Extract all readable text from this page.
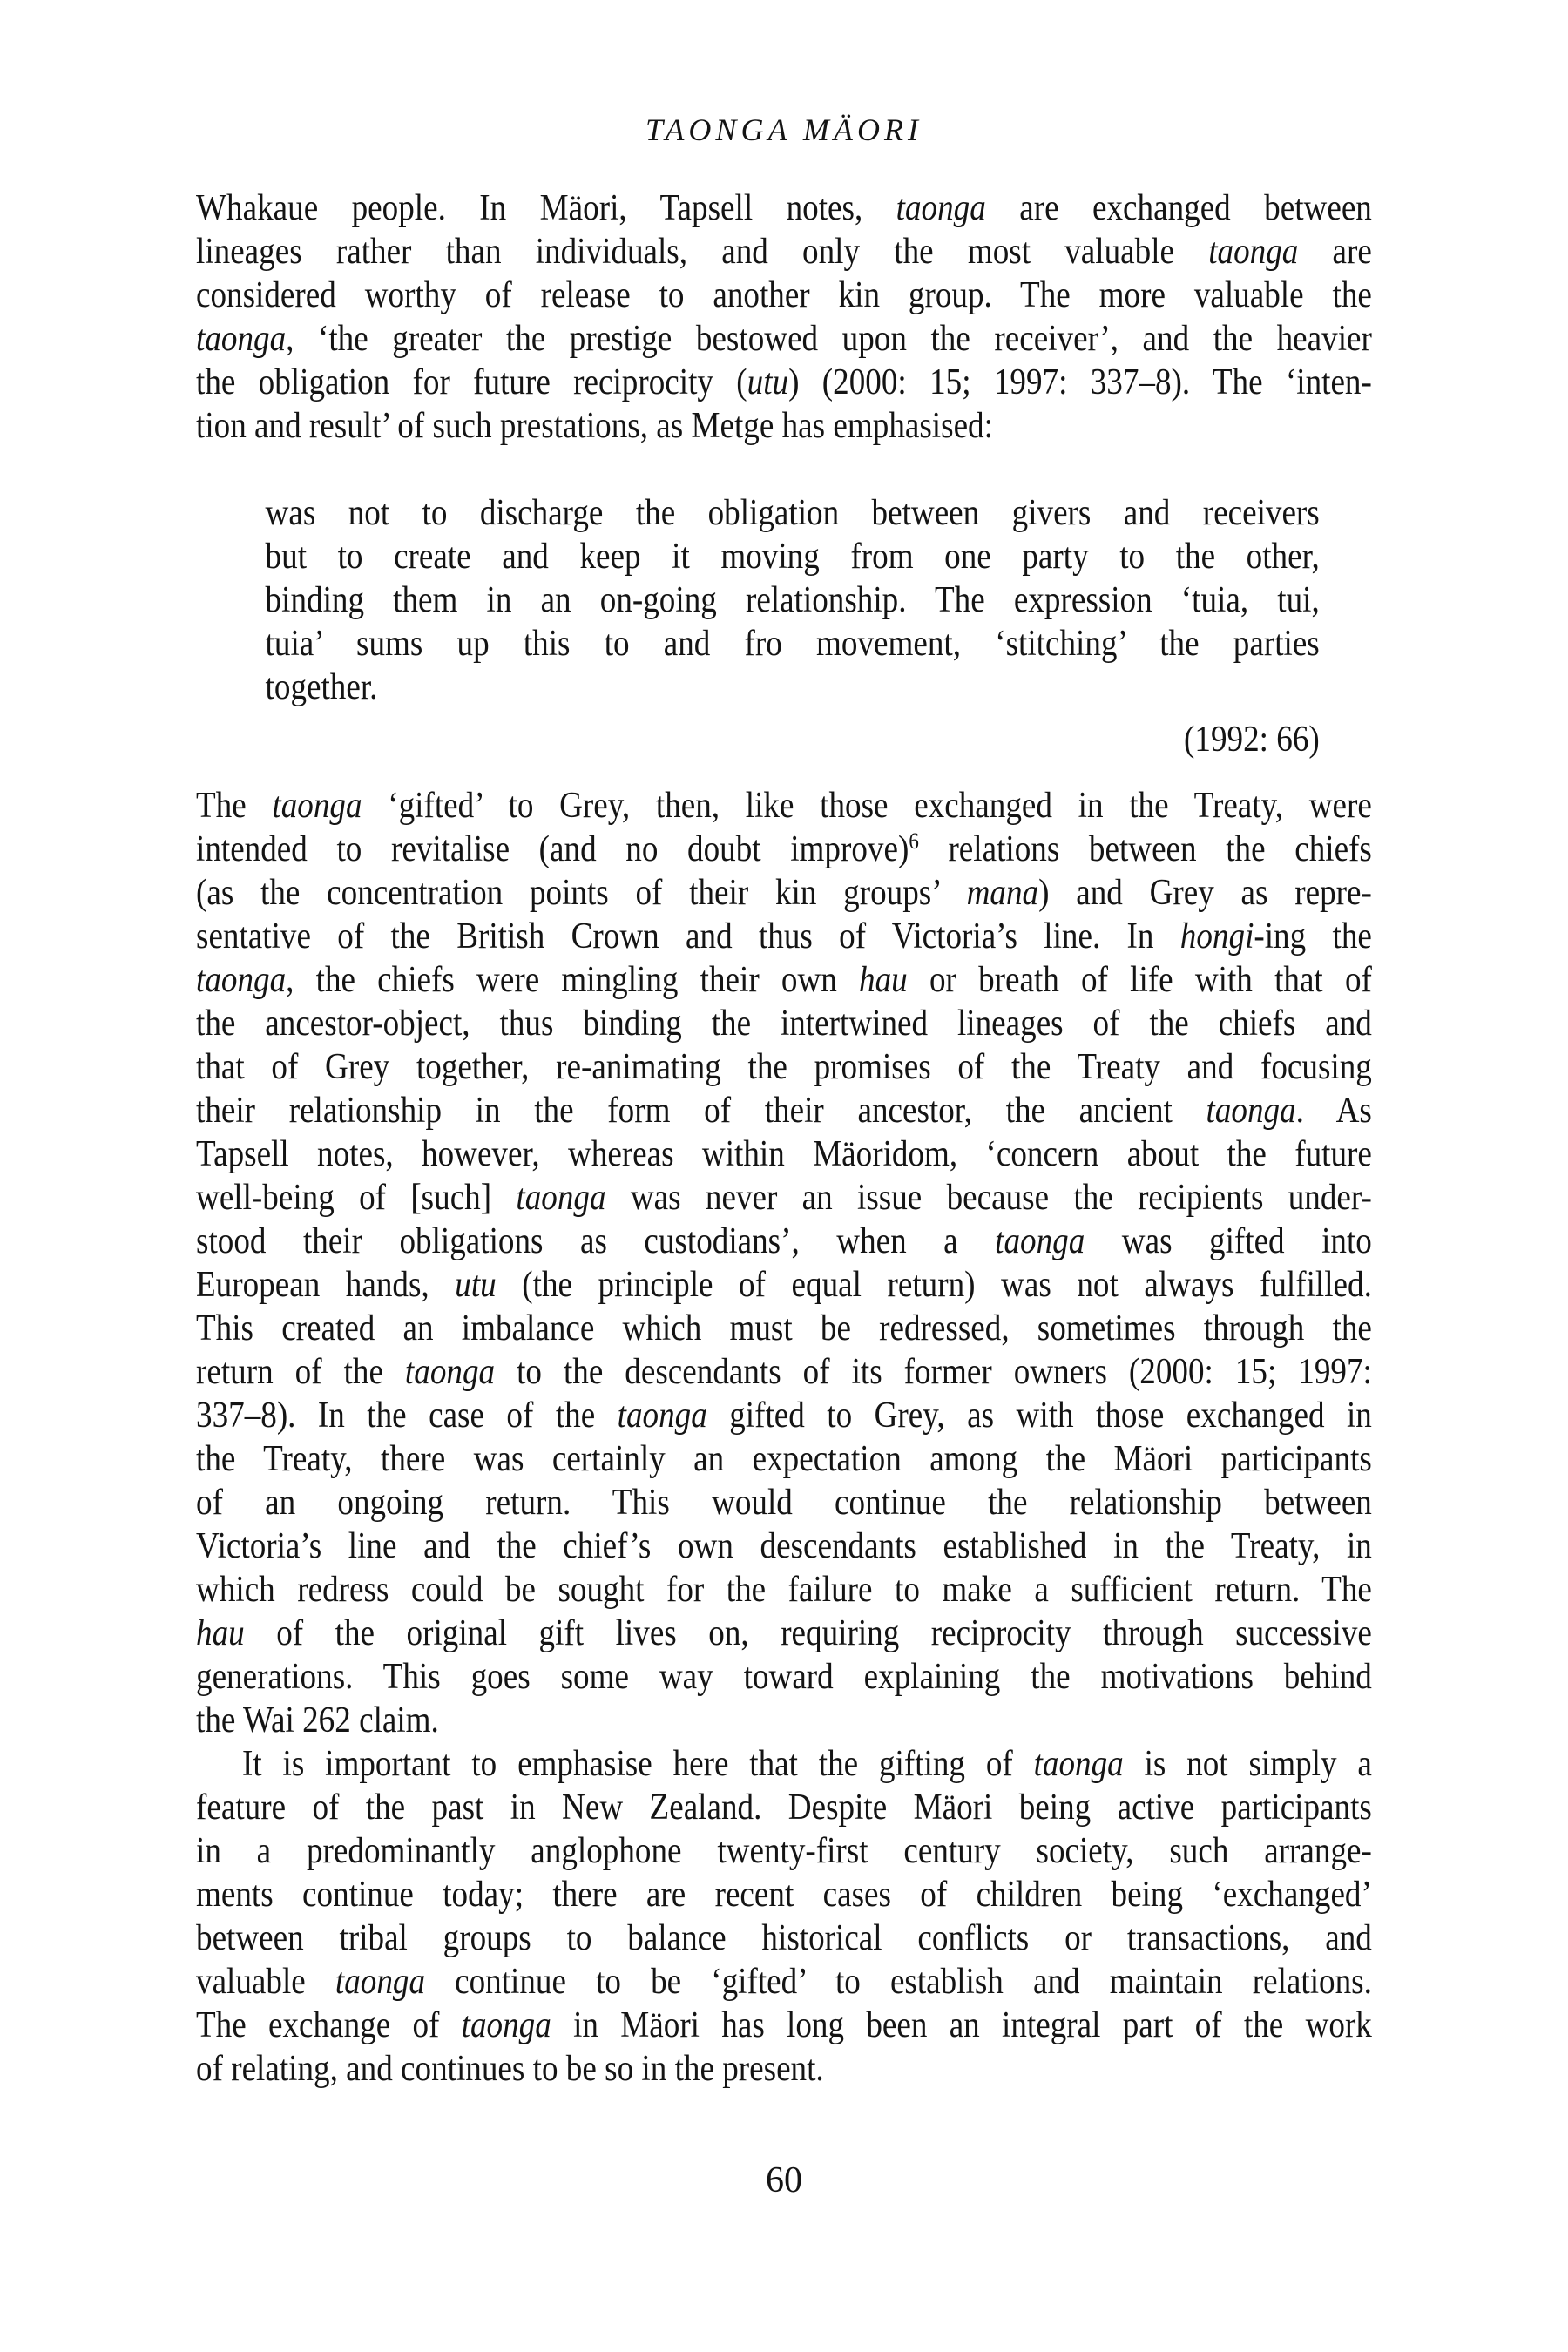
TAONGA MÄORI
Whakaue people. In Mäori, Tapsell notes, taonga are exchanged between
lineages rather than individuals, and only the most valuable taonga are
considered worthy of release to another kin group. The more valuable the
taonga, ‘the greater the prestige bestowed upon the receiver’, and the heavier
the obligation for future reciprocity (utu) (2000: 15; 1997: 337–8). The ‘inten-
tion and result’ of such prestations, as Metge has emphasised:
was not to discharge the obligation between givers and receivers
but to create and keep it moving from one party to the other,
binding them in an on-going relationship. The expression ‘tuia, tui,
tuia’ sums up this to and fro movement, ‘stitching’ the parties
together.
(1992: 66)
The taonga ‘gifted’ to Grey, then, like those exchanged in the Treaty, were
intended to revitalise (and no doubt improve)$^6$ relations between the chiefs
(as the concentration points of their kin groups’ mana) and Grey as repre-
sentative of the British Crown and thus of Victoria’s line. In hongi-ing the
taonga, the chiefs were mingling their own hau or breath of life with that of
the ancestor-object, thus binding the intertwined lineages of the chiefs and
that of Grey together, re-animating the promises of the Treaty and focusing
their relationship in the form of their ancestor, the ancient taonga. As
Tapsell notes, however, whereas within Mäoridom, ‘concern about the future
well-being of [such] taonga was never an issue because the recipients under-
stood their obligations as custodians’, when a taonga was gifted into
European hands, utu (the principle of equal return) was not always fulfilled.
This created an imbalance which must be redressed, sometimes through the
return of the taonga to the descendants of its former owners (2000: 15; 1997:
337–8). In the case of the taonga gifted to Grey, as with those exchanged in
the Treaty, there was certainly an expectation among the Mäori participants
of an ongoing return. This would continue the relationship between
Victoria’s line and the chief’s own descendants established in the Treaty, in
which redress could be sought for the failure to make a sufficient return. The
hau of the original gift lives on, requiring reciprocity through successive
generations. This goes some way toward explaining the motivations behind
the Wai 262 claim.
It is important to emphasise here that the gifting of taonga is not simply a
feature of the past in New Zealand. Despite Mäori being active participants
in a predominantly anglophone twenty-first century society, such arrange-
ments continue today; there are recent cases of children being ‘exchanged’
between tribal groups to balance historical conflicts or transactions, and
valuable taonga continue to be ‘gifted’ to establish and maintain relations.
The exchange of taonga in Mäori has long been an integral part of the work
of relating, and continues to be so in the present.
60
